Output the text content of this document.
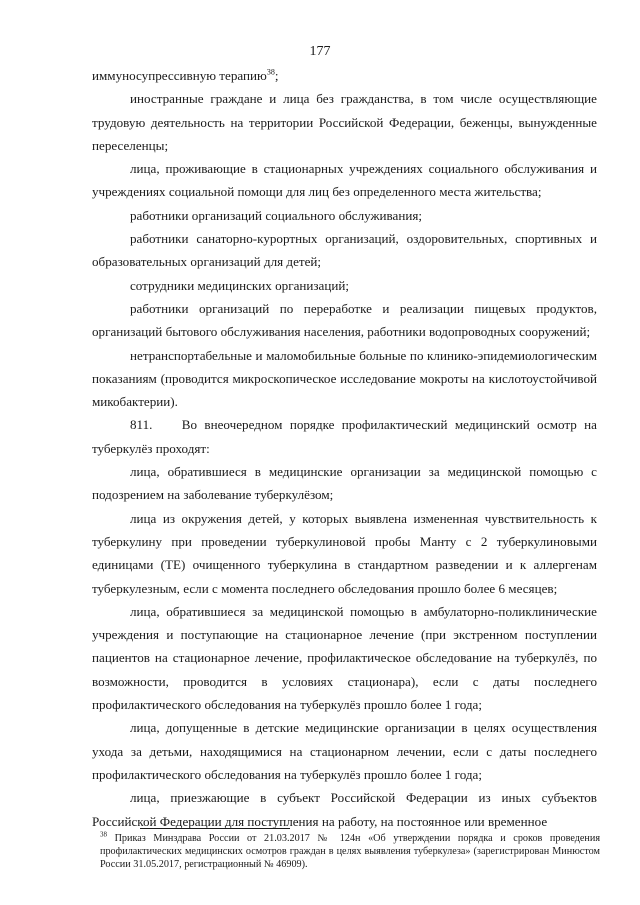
177

иммуносупрессивную терапию$^{38}$;

иностранные граждане и лица без гражданства, в том числе осуществляющие трудовую деятельность на территории Российской Федерации, беженцы, вынужденные переселенцы;

лица, проживающие в стационарных учреждениях социального обслуживания и учреждениях социальной помощи для лиц без определенного места жительства;

работники организаций социального обслуживания;

работники санаторно-курортных организаций, оздоровительных, спортивных и образовательных организаций для детей;

сотрудники медицинских организаций;

работники организаций по переработке и реализации пищевых продуктов, организаций бытового обслуживания населения, работники водопроводных сооружений;

нетранспортабельные и маломобильные больные по клинико-эпидемиологическим показаниям (проводится микроскопическое исследование мокроты на кислотоустойчивой микобактерии).

811.    Во внеочередном порядке профилактический медицинский осмотр на туберкулёз проходят:

лица, обратившиеся в медицинские организации за медицинской помощью с подозрением на заболевание туберкулёзом;

лица из окружения детей, у которых выявлена измененная чувствительность к туберкулину при проведении туберкулиновой пробы Манту с 2 туберкулиновыми единицами (ТЕ) очищенного туберкулина в стандартном разведении и к аллергенам туберкулезным, если с момента последнего обследования прошло более 6 месяцев;

лица, обратившиеся за медицинской помощью в амбулаторно-поликлинические учреждения и поступающие на стационарное лечение (при экстренном поступлении пациентов на стационарное лечение, профилактическое обследование на туберкулёз, по возможности, проводится в условиях стационара), если с даты последнего профилактического обследования на туберкулёз прошло более 1 года;

лица, допущенные в детские медицинские организации в целях осуществления ухода за детьми, находящимися на стационарном лечении, если с даты последнего профилактического обследования на туберкулёз прошло более 1 года;

лица, приезжающие в субъект Российской Федерации из иных субъектов Российской Федерации для поступления на работу, на постоянное или временное

$^{38}$ Приказ Минздрава России от 21.03.2017 № 124н «Об утверждении порядка и сроков проведения профилактических медицинских осмотров граждан в целях выявления туберкулеза» (зарегистрирован Минюстом России 31.05.2017, регистрационный № 46909).
